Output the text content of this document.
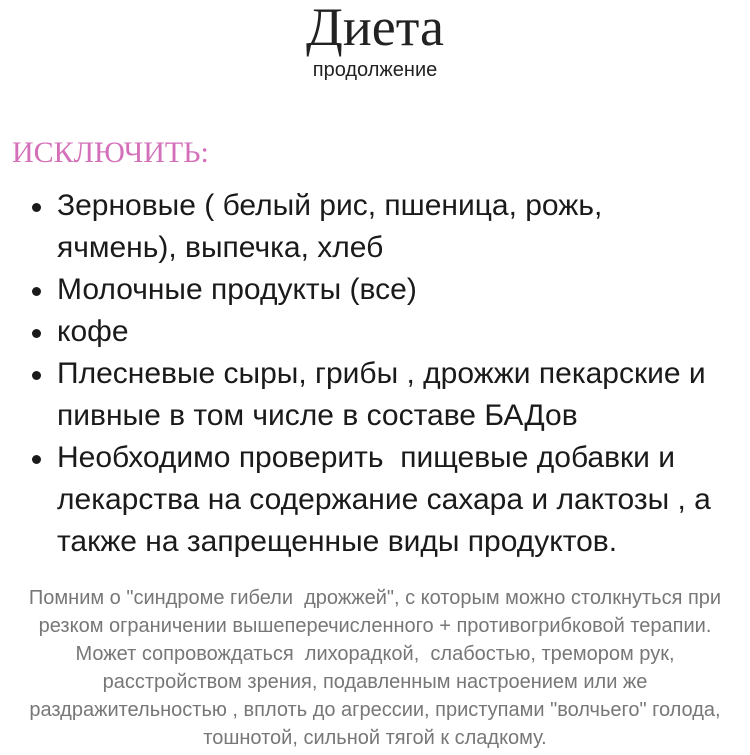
Диета

продолжение

ИСКЛЮЧИТЬ:
Зерновые ( белый рис, пшеница, рожь, ячмень), выпечка, хлеб
Молочные продукты (все)
кофе
Плесневые сыры, грибы , дрожжи пекарские и пивные в том числе в составе БАДов
Необходимо проверить  пищевые добавки и лекарства на содержание сахара и лактозы , а также на запрещенные виды продуктов.

Помним о "синдроме гибели  дрожжей", с которым можно столкнуться при резком ограничении вышеперечисленного + противогрибковой терапии. Может сопровождаться  лихорадкой,  слабостью, тремором рук, расстройством зрения, подавленным настроением или же раздражительностью , вплоть до агрессии, приступами "волчьего" голода, тошнотой, сильной тягой к сладкому.
